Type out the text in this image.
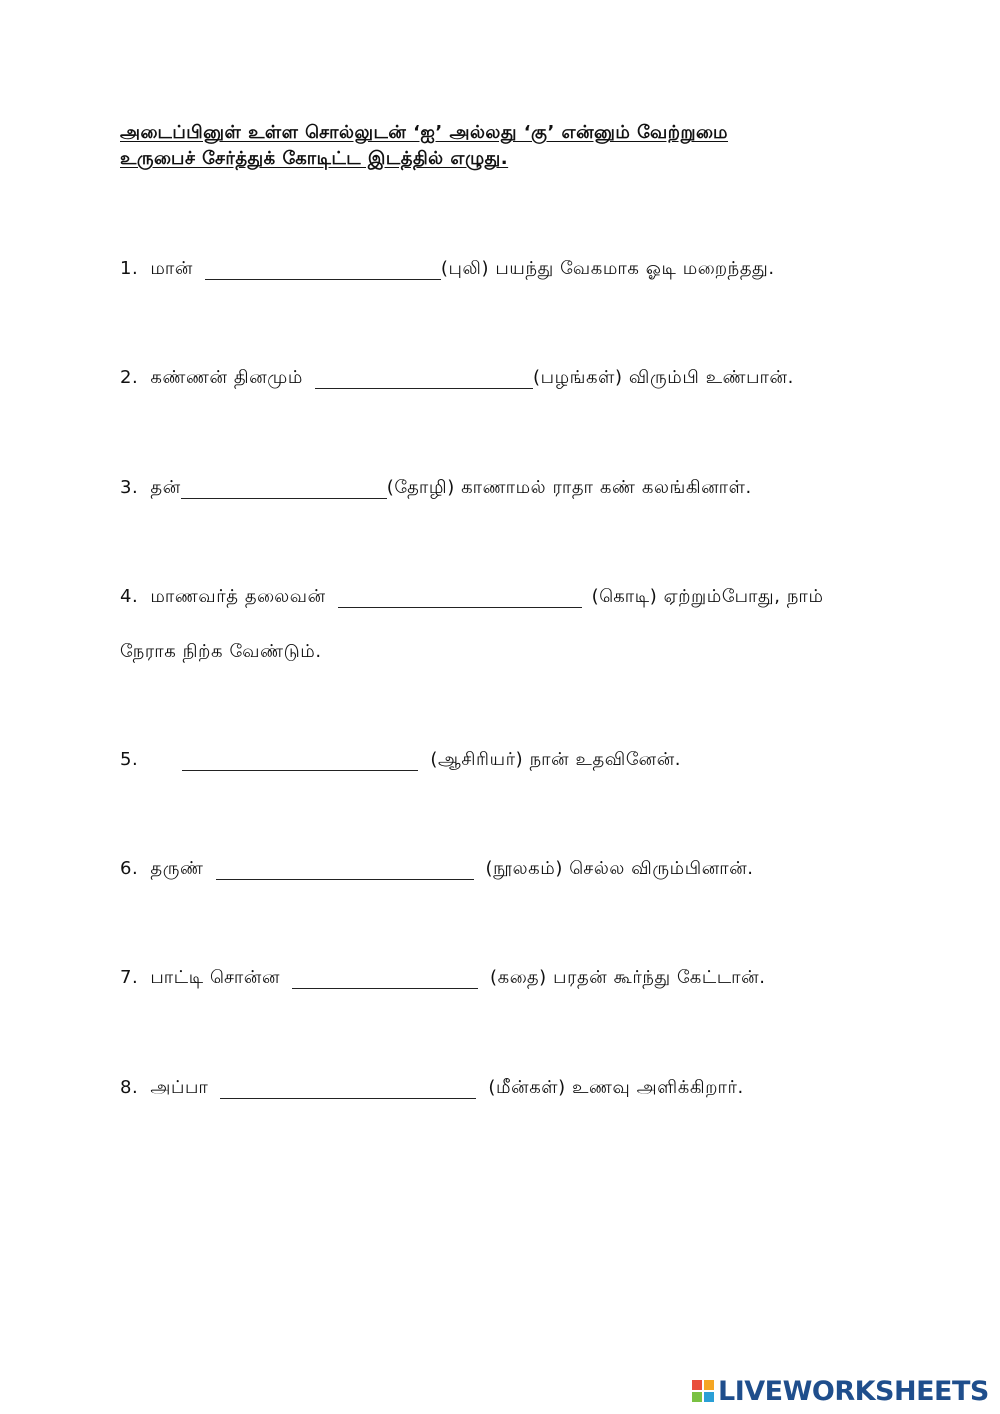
அடைப்பினுள் உள்ள சொல்லுடன் ‘ஐ’ அல்லது ‘கு’ என்னும் வேற்றுமை
உருபைச் சேர்த்துக் கோடிட்ட இடத்தில் எழுது.
1. மான்	(புலி) பயந்து வேகமாக ஓடி மறைந்தது.
2. கண்ணன் தினமும்	(பழங்கள்) விரும்பி உண்பான்.
3. தன்	(தோழி) காணாமல் ராதா கண் கலங்கினாள்.
4. மாணவர்த் தலைவன்	(கொடி) ஏற்றும்போது, நாம்
நேராக நிற்க வேண்டும்.
5.	(ஆசிரியர்) நான் உதவினேன்.
6. தருண்	(நூலகம்) செல்ல விரும்பினான்.
7. பாட்டி சொன்ன	(கதை) பரதன் கூர்ந்து கேட்டான்.
8. அப்பா	(மீன்கள்) உணவு அளிக்கிறார்.
LIVEWORKSHEETS
